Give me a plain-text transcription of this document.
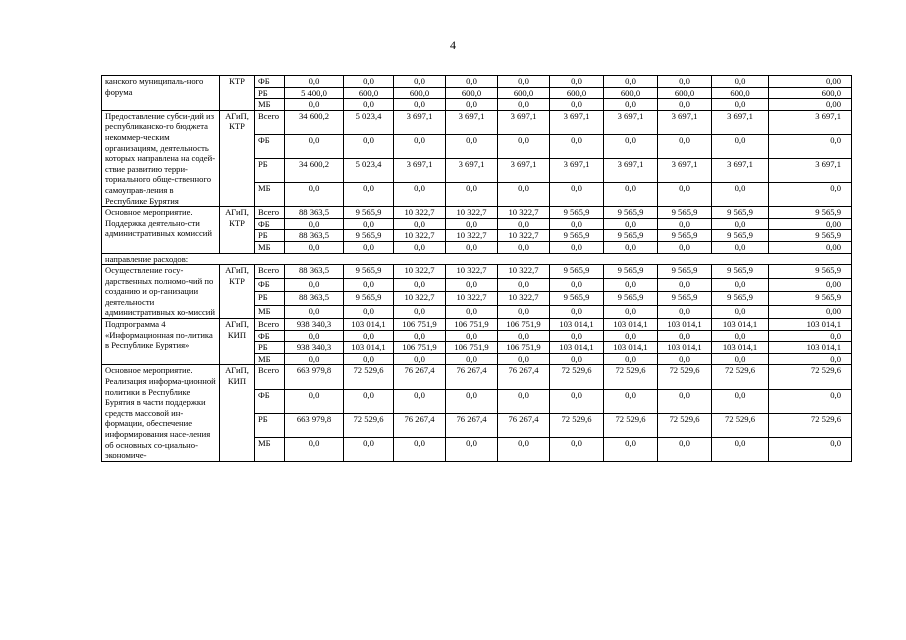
4
канского муниципаль-ного форума	КТР	ФБ	0,0	0,0	0,0	0,0	0,0	0,0	0,0	0,0	0,0	0,00
		РБ	5 400,0	600,0	600,0	600,0	600,0	600,0	600,0	600,0	600,0	600,0
		МБ	0,0	0,0	0,0	0,0	0,0	0,0	0,0	0,0	0,0	0,00
Предоставление субси-дий из республиканско-го бюджета некоммер-ческим организациям, деятельность которых направлена на содей-ствие развитию терри-ториального обще-ственного самоуправ-ления в Республике Бурятия	АГиП, КТР	Всего	34 600,2	5 023,4	3 697,1	3 697,1	3 697,1	3 697,1	3 697,1	3 697,1	3 697,1	3 697,1
		ФБ	0,0	0,0	0,0	0,0	0,0	0,0	0,0	0,0	0,0	0,0
		РБ	34 600,2	5 023,4	3 697,1	3 697,1	3 697,1	3 697,1	3 697,1	3 697,1	3 697,1	3 697,1
		МБ	0,0	0,0	0,0	0,0	0,0	0,0	0,0	0,0	0,0	0,0
Основное мероприятие. Поддержка деятельно-сти административных комиссий	АГиП, КТР	Всего	88 363,5	9 565,9	10 322,7	10 322,7	10 322,7	9 565,9	9 565,9	9 565,9	9 565,9	9 565,9
		ФБ	0,0	0,0	0,0	0,0	0,0	0,0	0,0	0,0	0,0	0,00
		РБ	88 363,5	9 565,9	10 322,7	10 322,7	10 322,7	9 565,9	9 565,9	9 565,9	9 565,9	9 565,9
		МБ	0,0	0,0	0,0	0,0	0,0	0,0	0,0	0,0	0,0	0,00
направление расходов:												
Осуществление госу-дарственных полномо-чий по созданию и ор-ганизации деятельности административных ко-миссий	АГиП, КТР	Всего	88 363,5	9 565,9	10 322,7	10 322,7	10 322,7	9 565,9	9 565,9	9 565,9	9 565,9	9 565,9
		ФБ	0,0	0,0	0,0	0,0	0,0	0,0	0,0	0,0	0,0	0,00
		РБ	88 363,5	9 565,9	10 322,7	10 322,7	10 322,7	9 565,9	9 565,9	9 565,9	9 565,9	9 565,9
		МБ	0,0	0,0	0,0	0,0	0,0	0,0	0,0	0,0	0,0	0,00
Подпрограмма 4 «Информационная по-литика в Республике Бурятия»	АГиП, КИП	Всего	938 340,3	103 014,1	106 751,9	106 751,9	106 751,9	103 014,1	103 014,1	103 014,1	103 014,1	103 014,1
		ФБ	0,0	0,0	0,0	0,0	0,0	0,0	0,0	0,0	0,0	0,0
		РБ	938 340,3	103 014,1	106 751,9	106 751,9	106 751,9	103 014,1	103 014,1	103 014,1	103 014,1	103 014,1
		МБ	0,0	0,0	0,0	0,0	0,0	0,0	0,0	0,0	0,0	0,0
Основное мероприятие. Реализация информа-ционной политики в Республике Бурятия в части поддержки средств массовой ин-формации, обеспечение информирования насе-ления об основных со-циально-экономиче-	АГиП, КИП	Всего	663 979,8	72 529,6	76 267,4	76 267,4	76 267,4	72 529,6	72 529,6	72 529,6	72 529,6	72 529,6
		ФБ	0,0	0,0	0,0	0,0	0,0	0,0	0,0	0,0	0,0	0,0
		РБ	663 979,8	72 529,6	76 267,4	76 267,4	76 267,4	72 529,6	72 529,6	72 529,6	72 529,6	72 529,6
		МБ	0,0	0,0	0,0	0,0	0,0	0,0	0,0	0,0	0,0	0,0
